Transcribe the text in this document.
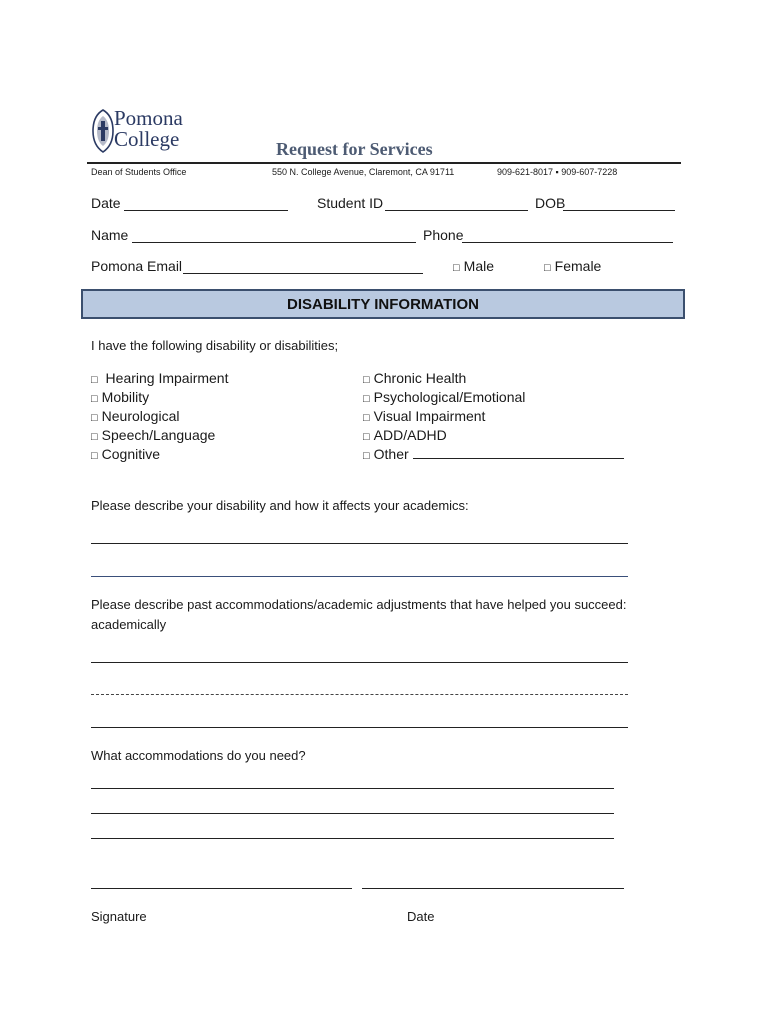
Pomona
College	Request for Services
Dean of Students Office	550 N. College Avenue, Claremont, CA 91711	909-621-8017 ▪ 909-607-7228
Date	Student ID	DOB
Name	Phone
Pomona Email	□ Male	□ Female
DISABILITY INFORMATION
I have the following disability or disabilities;
□ Hearing Impairment
□ Mobility
□ Neurological
□ Speech/Language
□ Cognitive
□ Chronic Health
□ Psychological/Emotional
□ Visual Impairment
□ ADD/ADHD
□ Other
Please describe your disability and how it affects your academics:
Please describe past accommodations/academic adjustments that have helped you succeed:
academically
What accommodations do you need?
Signature	Date
